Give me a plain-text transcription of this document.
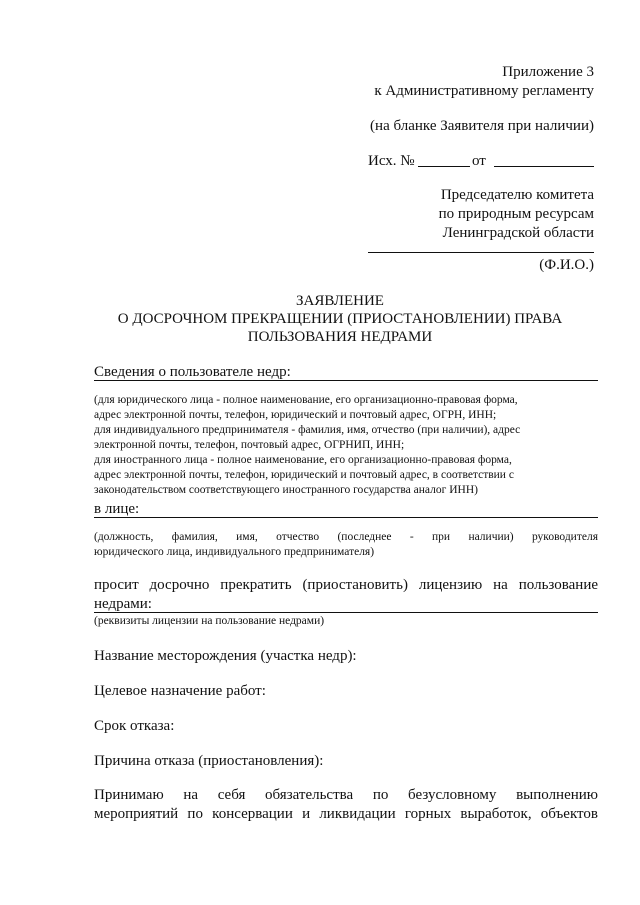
Приложение 3
к Административному регламенту
(на бланке Заявителя при наличии)
Исх. №	от
Председателю комитета
по природным ресурсам
Ленинградской области
(Ф.И.О.)
ЗАЯВЛЕНИЕ
О ДОСРОЧНОМ ПРЕКРАЩЕНИИ (ПРИОСТАНОВЛЕНИИ) ПРАВА
ПОЛЬЗОВАНИЯ НЕДРАМИ
Сведения о пользователе недр:
(для юридического лица - полное наименование, его организационно-правовая форма,
адрес электронной почты, телефон, юридический и почтовый адрес, ОГРН, ИНН;
для индивидуального предпринимателя - фамилия, имя, отчество (при наличии), адрес
электронной почты, телефон, почтовый адрес, ОГРНИП, ИНН;
для иностранного лица - полное наименование, его организационно-правовая форма,
адрес электронной почты, телефон, юридический и почтовый адрес, в соответствии с
законодательством соответствующего иностранного государства аналог ИНН)
в лице:
(должность, фамилия, имя, отчество (последнее - при наличии) руководителя
юридического лица, индивидуального предпринимателя)
просит досрочно прекратить (приостановить) лицензию на пользование
недрами:
(реквизиты лицензии на пользование недрами)
Название месторождения (участка недр):
Целевое назначение работ:
Срок отказа:
Причина отказа (приостановления):
Принимаю на себя обязательства по безусловному выполнению
мероприятий по консервации и ликвидации горных выработок, объектов
